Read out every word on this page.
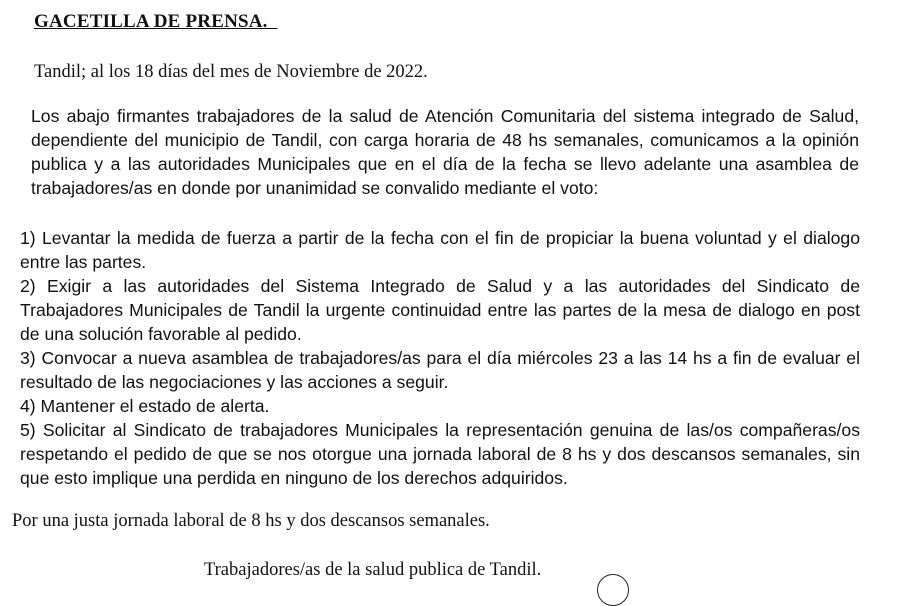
GACETILLA DE PRENSA.
Tandil; al los 18 días del mes de Noviembre de 2022.
Los abajo firmantes trabajadores de la salud de Atención Comunitaria del sistema integrado de Salud, dependiente del municipio de Tandil, con carga horaria de 48 hs semanales, comunicamos a la opinión publica y a las autoridades Municipales que en el día de la fecha se llevo adelante una asamblea de trabajadores/as en donde por unanimidad se convalido mediante el voto:
1) Levantar la medida de fuerza a partir de la fecha con el fin de propiciar la buena voluntad y el dialogo entre las partes.
2) Exigir a las autoridades del Sistema Integrado de Salud y a las autoridades del Sindicato de Trabajadores Municipales de Tandil la urgente continuidad entre las partes de la mesa de dialogo en post de una solución favorable al pedido.
3) Convocar a nueva asamblea de trabajadores/as para el día miércoles 23 a las 14 hs a fin de evaluar el resultado de las negociaciones y las acciones a seguir.
4) Mantener el estado de alerta.
5) Solicitar al Sindicato de trabajadores Municipales la representación genuina de las/os compañeras/os respetando el pedido de que se nos otorgue una jornada laboral de 8 hs y dos descansos semanales, sin que esto implique una perdida en ninguno de los derechos adquiridos.
Por una justa jornada laboral de 8 hs y dos descansos semanales.
Trabajadores/as de la salud publica de Tandil.
